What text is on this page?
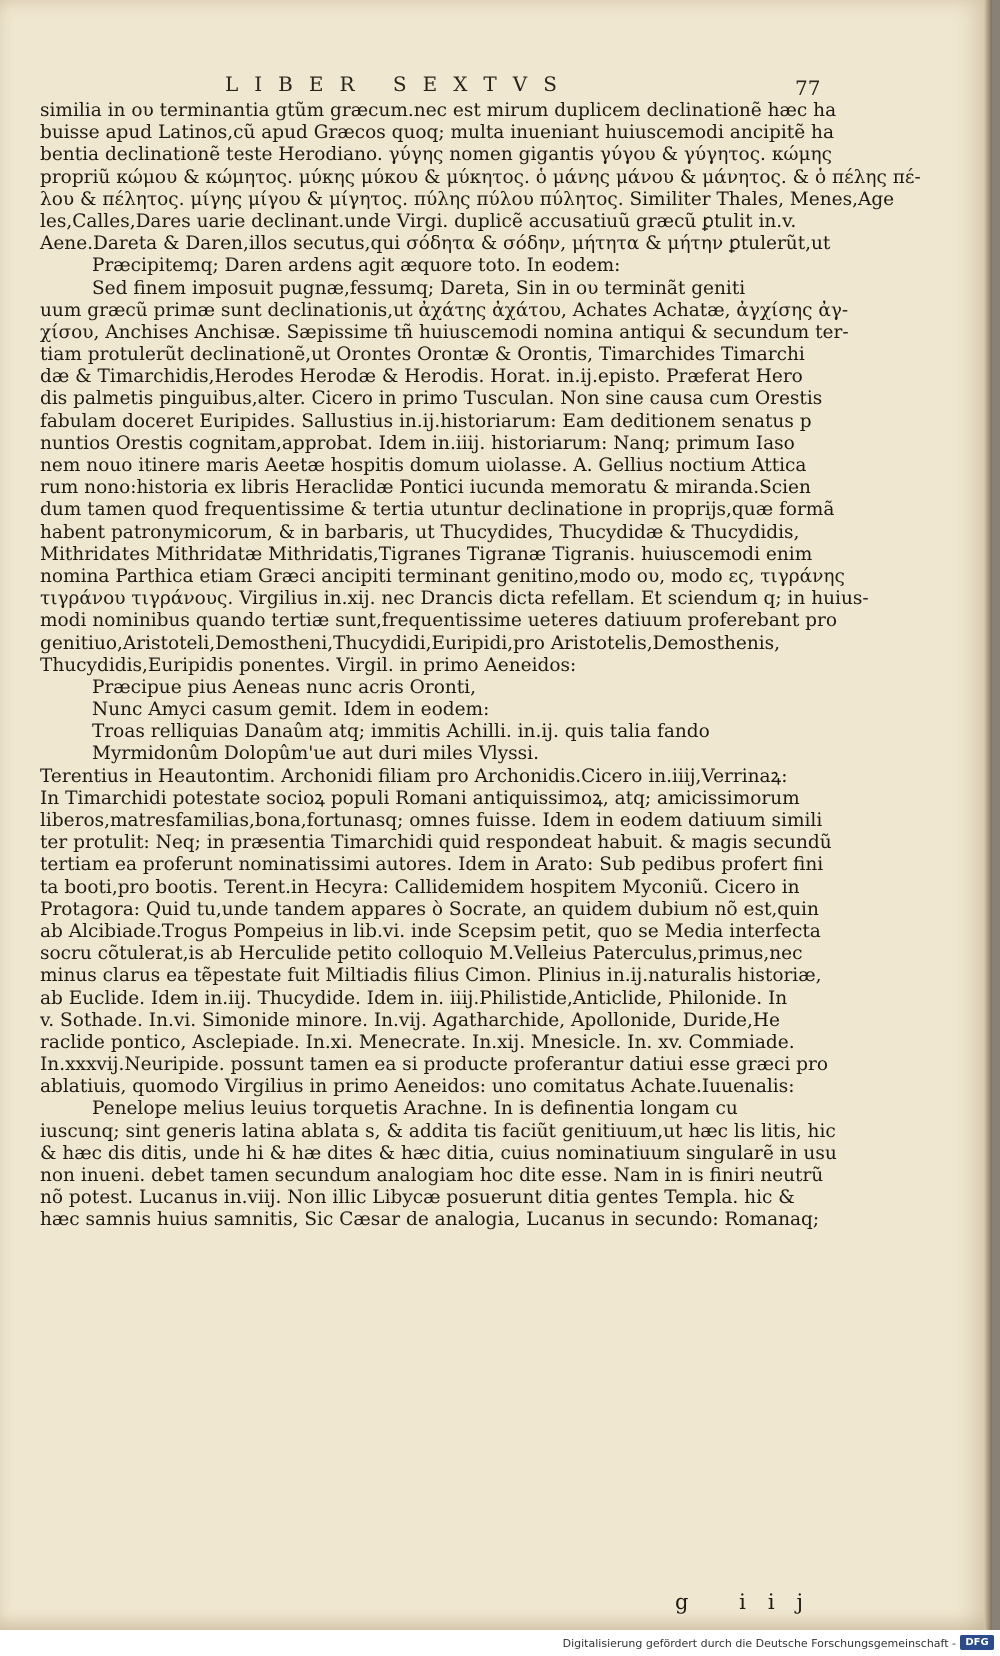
LIBER SEXTVS	77
similia in ου terminantia gtũm græcum.nec est mirum duplicem declinationẽ hæc ha
buisse apud Latinos,cũ apud Græcos quoq; multa inueniant huiuscemodi ancipitẽ ha
bentia declinationẽ teste Herodiano. γύγης nomen gigantis γύγου & γύγητος. κώμης
propriũ κώμου & κώμητος. μύκης μύκου & μύκητος. ὁ μάνης μάνου & μάνητος. & ὁ πέλης πέ-
λου & πέλητος. μίγης μίγου & μίγητος. πύλης πύλου πύλητος. Similiter Thales, Menes,Age
les,Calles,Dares uarie declinant.unde Virgi. duplicẽ accusatiuũ græcũ ꝑtulit in.v.
Aene.Dareta & Daren,illos secutus,qui σόδητα & σόδην, μήτητα & μήτην ꝑtulerũt,ut
Præcipitemq; Daren ardens agit æquore toto. In eodem:
Sed finem imposuit pugnæ,fessumq; Dareta, Sin in ου terminãt geniti
uum græcũ primæ sunt declinationis,ut ἀχάτης ἀχάτου, Achates Achatæ, ἀγχίσης ἀγ-
χίσου, Anchises Anchisæ. Sæpissime tñ huiuscemodi nomina antiqui & secundum ter-
tiam protulerũt declinationẽ,ut Orontes Orontæ & Orontis, Timarchides Timarchi
dæ & Timarchidis,Herodes Herodæ & Herodis. Horat. in.ij.episto. Præferat Hero
dis palmetis pinguibus,alter. Cicero in primo Tusculan. Non sine causa cum Orestis
fabulam doceret Euripides. Sallustius in.ij.historiarum: Eam deditionem senatus p
nuntios Orestis cognitam,approbat. Idem in.iiij. historiarum: Nanq; primum Iaso
nem nouo itinere maris Aeetæ hospitis domum uiolasse. A. Gellius noctium Attica
rum nono:historia ex libris Heraclidæ Pontici iucunda memoratu & miranda.Scien
dum tamen quod frequentissime & tertia utuntur declinatione in proprijs,quæ formã
habent patronymicorum, & in barbaris, ut Thucydides, Thucydidæ & Thucydidis,
Mithridates Mithridatæ Mithridatis,Tigranes Tigranæ Tigranis. huiuscemodi enim
nomina Parthica etiam Græci ancipiti terminant genitino,modo ου, modο ες, τιγράνης
τιγράνου τιγράνους. Virgilius in.xij. nec Drancis dicta refellam. Et sciendum q; in huius-
modi nominibus quando tertiæ sunt,frequentissime ueteres datiuum proferebant pro
genitiuo,Aristoteli,Demostheni,Thucydidi,Euripidi,pro Aristotelis,Demosthenis,
Thucydidis,Euripidis ponentes. Virgil. in primo Aeneidos:
Præcipue pius Aeneas nunc acris Oronti,
Nunc Amyci casum gemit. Idem in eodem:
Troas relliquias Danaûm atq; immitis Achilli. in.ij. quis talia fando
Myrmidonûm Dolopûm'ue aut duri miles Vlyssi.
Terentius in Heautontim. Archonidi filiam pro Archonidis.Cicero in.iiij,Verrinaꝝ:
In Timarchidi potestate socioꝝ populi Romani antiquissimoꝝ, atq; amicissimorum
liberos,matresfamilias,bona,fortunasq; omnes fuisse. Idem in eodem datiuum simili
ter protulit: Neq; in præsentia Timarchidi quid respondeat habuit. & magis secundũ
tertiam ea proferunt nominatissimi autores. Idem in Arato: Sub pedibus profert fini
ta booti,pro bootis. Terent.in Hecyra: Callidemidem hospitem Myconiũ. Cicero in
Protagora: Quid tu,unde tandem appares ò Socrate, an quidem dubium nõ est,quin
ab Alcibiade.Trogus Pompeius in lib.vi. inde Scepsim petit, quo se Media interfecta
socru cõtulerat,is ab Herculide petito colloquio M.Velleius Paterculus,primus,nec
minus clarus ea tẽpestate fuit Miltiadis filius Cimon. Plinius in.ij.naturalis historiæ,
ab Euclide. Idem in.iij. Thucydide. Idem in. iiij.Philistide,Anticlide, Philonide. In
v. Sothade. In.vi. Simonide minore. In.vij. Agatharchide, Apollonide, Duride,He
raclide pontico, Asclepiade. In.xi. Menecrate. In.xij. Mnesicle. In. xv. Commiade.
In.xxxvij.Neuripide. possunt tamen ea si producte proferantur datiui esse græci pro
ablatiuis, quomodo Virgilius in primo Aeneidos: uno comitatus Achate.Iuuenalis:
Penelope melius leuius torquetis Arachne. In is definentia longam cu
iuscunq; sint generis latina ablata s, & addita tis faciũt genitiuum,ut hæc lis litis, hic
& hæc dis ditis, unde hi & hæ dites & hæc ditia, cuius nominatiuum singularẽ in usu
non inueni. debet tamen secundum analogiam hoc dite esse. Nam in is finiri neutrũ
nõ potest. Lucanus in.viij. Non illic Libycæ posuerunt ditia gentes Templa. hic &
hæc samnis huius samnitis, Sic Cæsar de analogia, Lucanus in secundo: Romanaq;
g iij
Digitalisierung gefördert durch die Deutsche Forschungsgemeinschaft - DFG
